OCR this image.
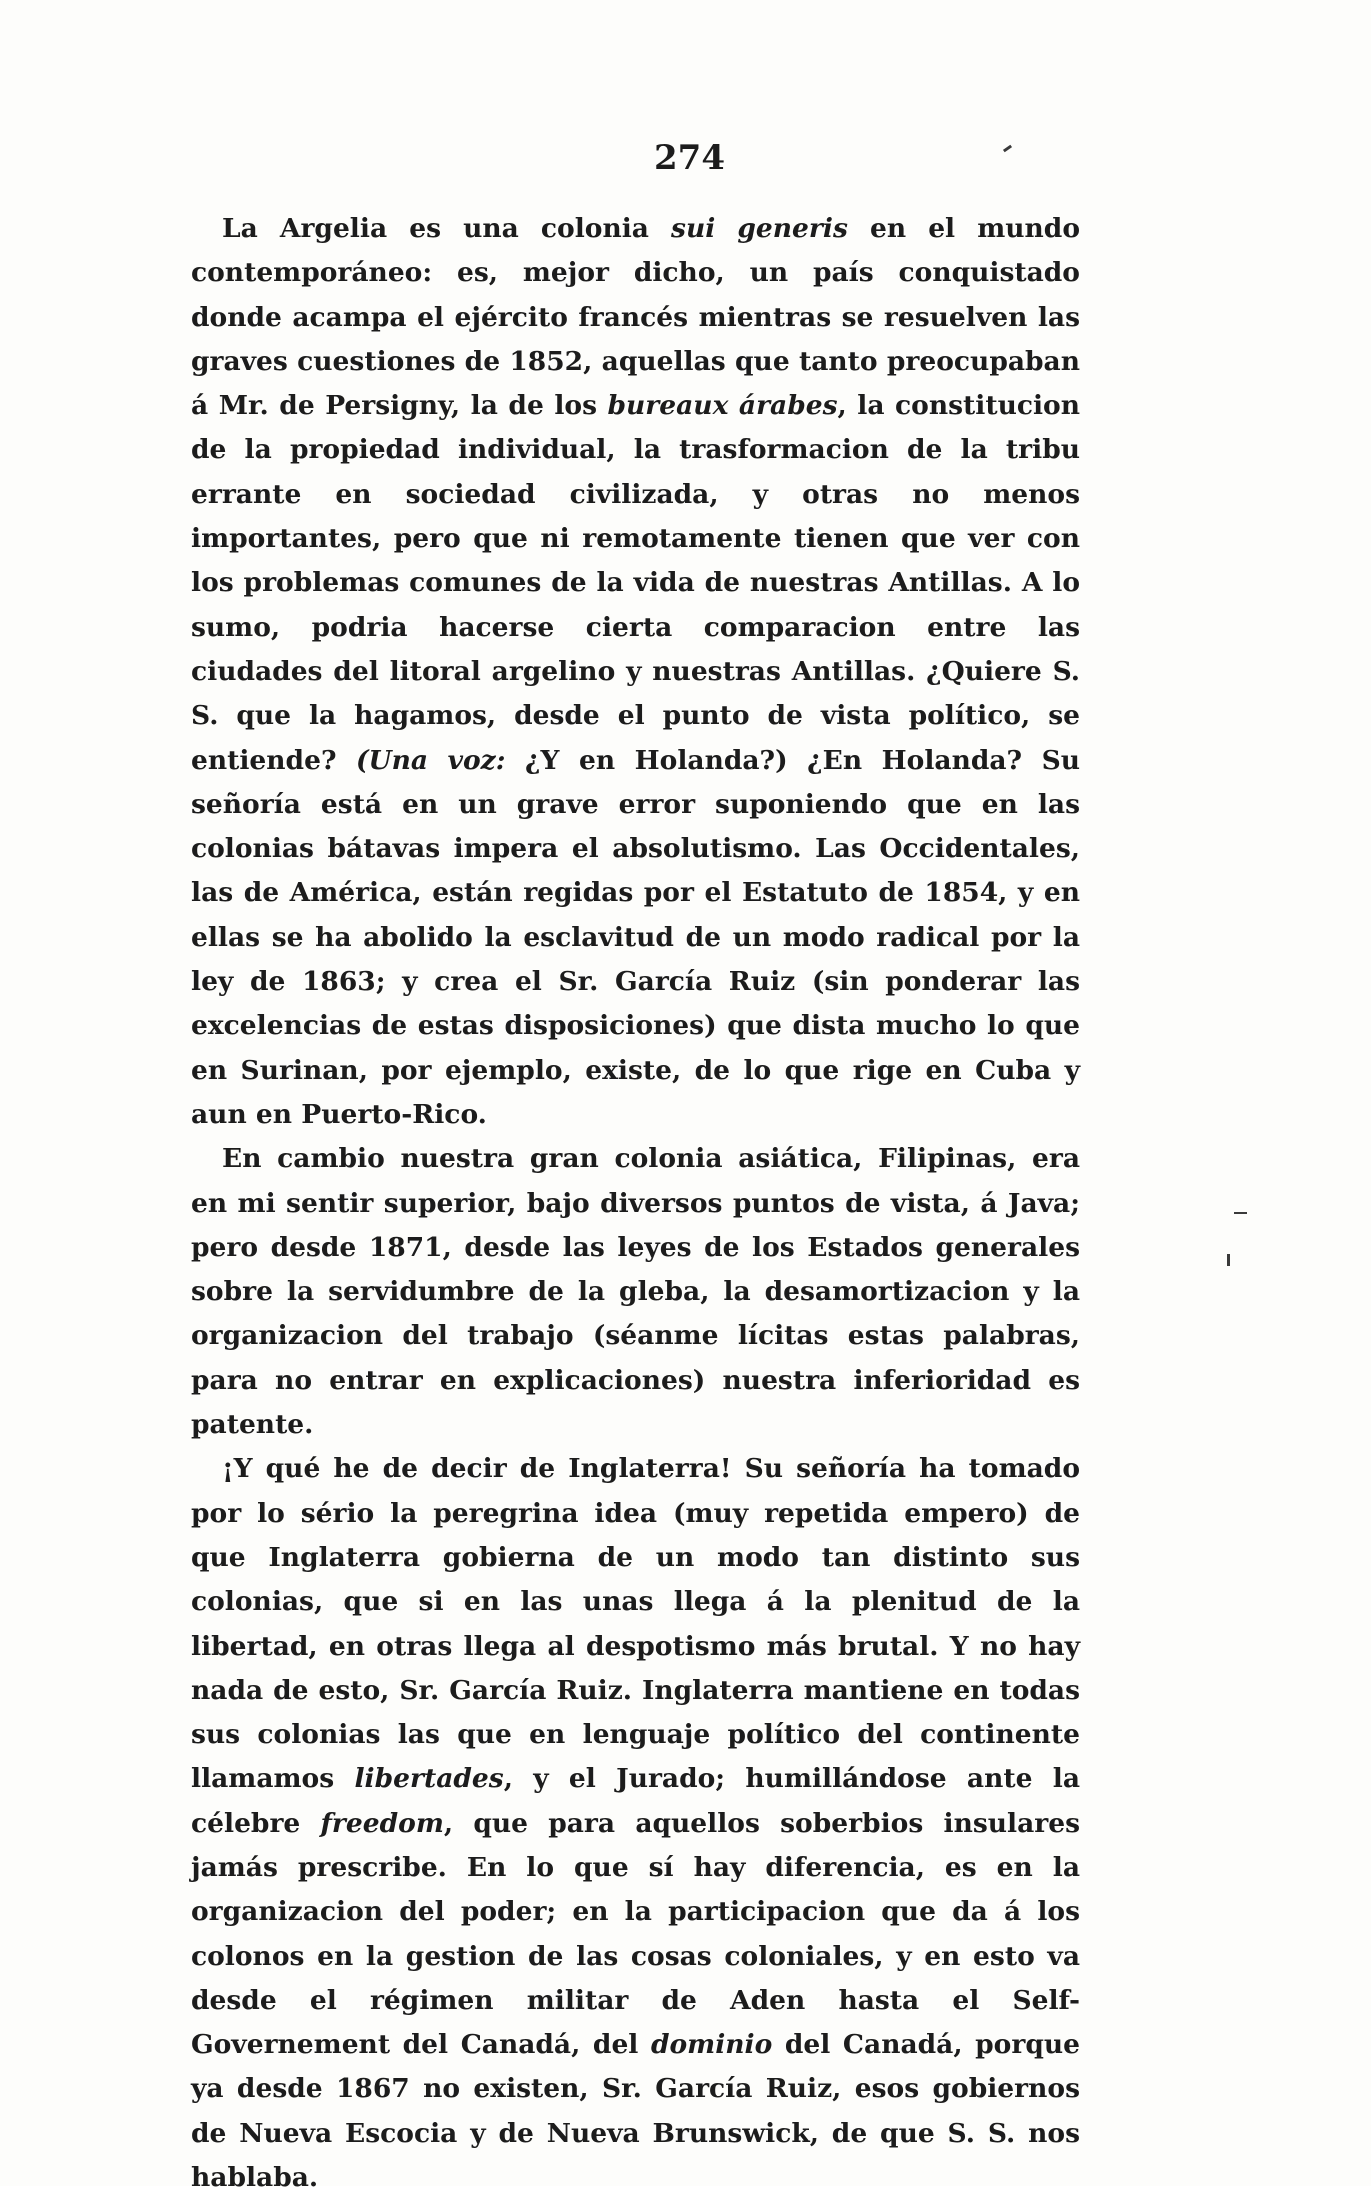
274

La Argelia es una colonia sui generis en el mundo contemporáneo: es, mejor dicho, un país conquistado donde acampa el ejército francés mientras se resuelven las graves cuestiones de 1852, aquellas que tanto preocupaban á Mr. de Persigny, la de los bureaux árabes, la constitucion de la propiedad individual, la trasformacion de la tribu errante en sociedad civilizada, y otras no menos importantes, pero que ni remotamente tienen que ver con los problemas comunes de la vida de nuestras Antillas. A lo sumo, podria hacerse cierta comparacion entre las ciudades del litoral argelino y nuestras Antillas. ¿Quiere S. S. que la hagamos, desde el punto de vista político, se entiende? (Una voz: ¿Y en Holanda?) ¿En Holanda? Su señoría está en un grave error suponiendo que en las colonias bátavas impera el absolutismo. Las Occidentales, las de América, están regidas por el Estatuto de 1854, y en ellas se ha abolido la esclavitud de un modo radical por la ley de 1863; y crea el Sr. García Ruiz (sin ponderar las excelencias de estas disposiciones) que dista mucho lo que en Surinan, por ejemplo, existe, de lo que rige en Cuba y aun en Puerto-Rico.

En cambio nuestra gran colonia asiática, Filipinas, era en mi sentir superior, bajo diversos puntos de vista, á Java; pero desde 1871, desde las leyes de los Estados generales sobre la servidumbre de la gleba, la desamortizacion y la organizacion del trabajo (séanme lícitas estas palabras, para no entrar en explicaciones) nuestra inferioridad es patente.

¡Y qué he de decir de Inglaterra! Su señoría ha tomado por lo sério la peregrina idea (muy repetida empero) de que Inglaterra gobierna de un modo tan distinto sus colonias, que si en las unas llega á la plenitud de la libertad, en otras llega al despotismo más brutal. Y no hay nada de esto, Sr. García Ruiz. Inglaterra mantiene en todas sus colonias las que en lenguaje político del continente llamamos libertades, y el Jurado; humillándose ante la célebre freedom, que para aquellos soberbios insulares jamás prescribe. En lo que sí hay diferencia, es en la organizacion del poder; en la participacion que da á los colonos en la gestion de las cosas coloniales, y en esto va desde el régimen militar de Aden hasta el Self-Governement del Canadá, del dominio del Canadá, porque ya desde 1867 no existen, Sr. García Ruiz, esos gobiernos de Nueva Escocia y de Nueva Brunswick, de que S. S. nos hablaba.
